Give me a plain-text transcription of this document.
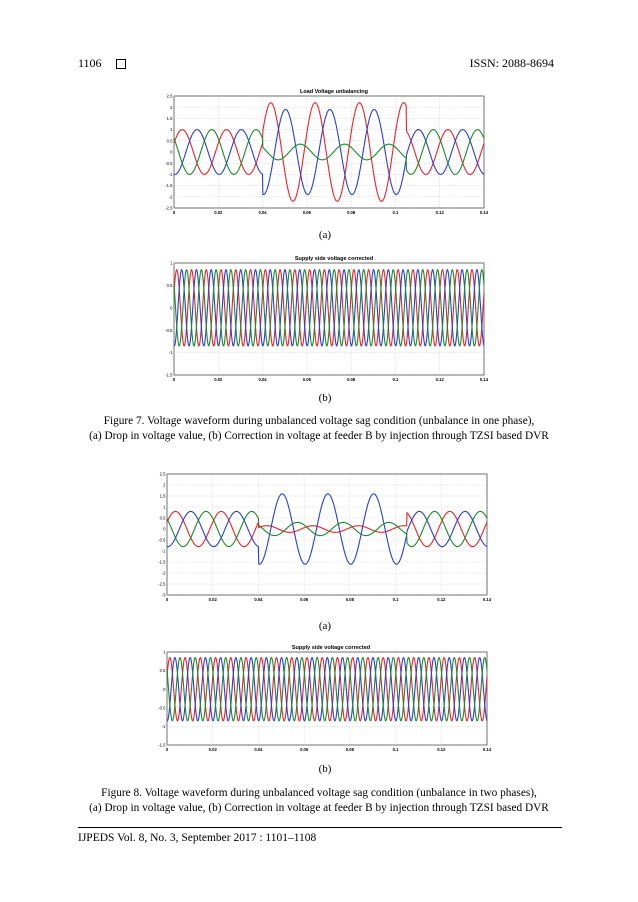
1106	ISSN: 2088-8694
Load Voltage unbalancing
2.5
2
1.5
1
0.5
0
-0.5
-1
-1.5
-2
-2.5
0	0.02	0.04	0.06	0.08	0.1	0.12	0.14
(a)
Supply side voltage corrected
1
0.5
0
-0.5
-1
-1.5
0	0.02	0.04	0.06	0.08	0.1	0.12	0.14
(b)
Figure 7. Voltage waveform during unbalanced voltage sag condition (unbalance in one phase),
(a) Drop in voltage value, (b) Correction in voltage at feeder B by injection through TZSI based DVR
2.5
2
1.5
1
0.5
0
-0.5
-1
-1.5
-2
-2.5
-3
0	0.02	0.04	0.06	0.08	0.1	0.12	0.14
(a)
Supply side voltage corrected
1
0.5
0
-0.5
-1
-1.5
0	0.02	0.04	0.06	0.08	0.1	0.12	0.14
(b)
Figure 8. Voltage waveform during unbalanced voltage sag condition (unbalance in two phases),
(a) Drop in voltage value, (b) Correction in voltage at feeder B by injection through TZSI based DVR
IJPEDS Vol. 8, No. 3, September 2017 : 1101–1108
